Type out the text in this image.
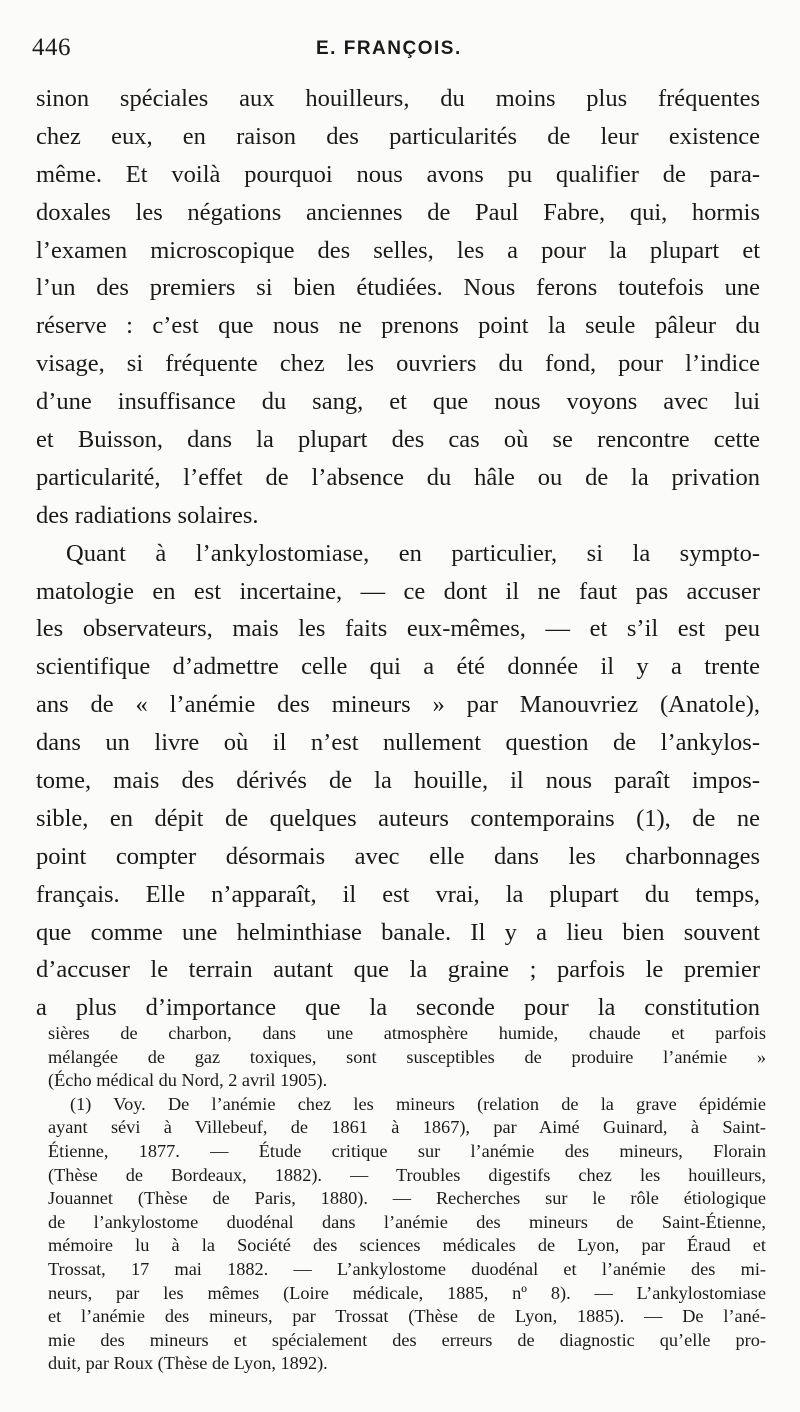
446	E. FRANÇOIS.
sinon spéciales aux houilleurs, du moins plus fréquentes
chez eux, en raison des particularités de leur existence
même. Et voilà pourquoi nous avons pu qualifier de para-
doxales les négations anciennes de Paul Fabre, qui, hormis
l’examen microscopique des selles, les a pour la plupart et
l’un des premiers si bien étudiées. Nous ferons toutefois une
réserve : c’est que nous ne prenons point la seule pâleur du
visage, si fréquente chez les ouvriers du fond, pour l’indice
d’une insuffisance du sang, et que nous voyons avec lui
et Buisson, dans la plupart des cas où se rencontre cette
particularité, l’effet de l’absence du hâle ou de la privation
des radiations solaires.
Quant à l’ankylostomiase, en particulier, si la sympto-
matologie en est incertaine, — ce dont il ne faut pas accuser
les observateurs, mais les faits eux-mêmes, — et s’il est peu
scientifique d’admettre celle qui a été donnée il y a trente
ans de « l’anémie des mineurs » par Manouvriez (Anatole),
dans un livre où il n’est nullement question de l’ankylos-
tome, mais des dérivés de la houille, il nous paraît impos-
sible, en dépit de quelques auteurs contemporains (1), de ne
point compter désormais avec elle dans les charbonnages
français. Elle n’apparaît, il est vrai, la plupart du temps,
que comme une helminthiase banale. Il y a lieu bien souvent
d’accuser le terrain autant que la graine ; parfois le premier
a plus d’importance que la seconde pour la constitution
sières de charbon, dans une atmosphère humide, chaude et parfois
mélangée de gaz toxiques, sont susceptibles de produire l’anémie »
(Écho médical du Nord, 2 avril 1905).
(1) Voy. De l’anémie chez les mineurs (relation de la grave épidémie
ayant sévi à Villebeuf, de 1861 à 1867), par Aimé Guinard, à Saint-
Étienne, 1877. — Étude critique sur l’anémie des mineurs, Florain
(Thèse de Bordeaux, 1882). — Troubles digestifs chez les houilleurs,
Jouannet (Thèse de Paris, 1880). — Recherches sur le rôle étiologique
de l’ankylostome duodénal dans l’anémie des mineurs de Saint-Étienne,
mémoire lu à la Société des sciences médicales de Lyon, par Éraud et
Trossat, 17 mai 1882. — L’ankylostome duodénal et l’anémie des mi-
neurs, par les mêmes (Loire médicale, 1885, nº 8). — L’ankylostomiase
et l’anémie des mineurs, par Trossat (Thèse de Lyon, 1885). — De l’ané-
mie des mineurs et spécialement des erreurs de diagnostic qu’elle pro-
duit, par Roux (Thèse de Lyon, 1892).
